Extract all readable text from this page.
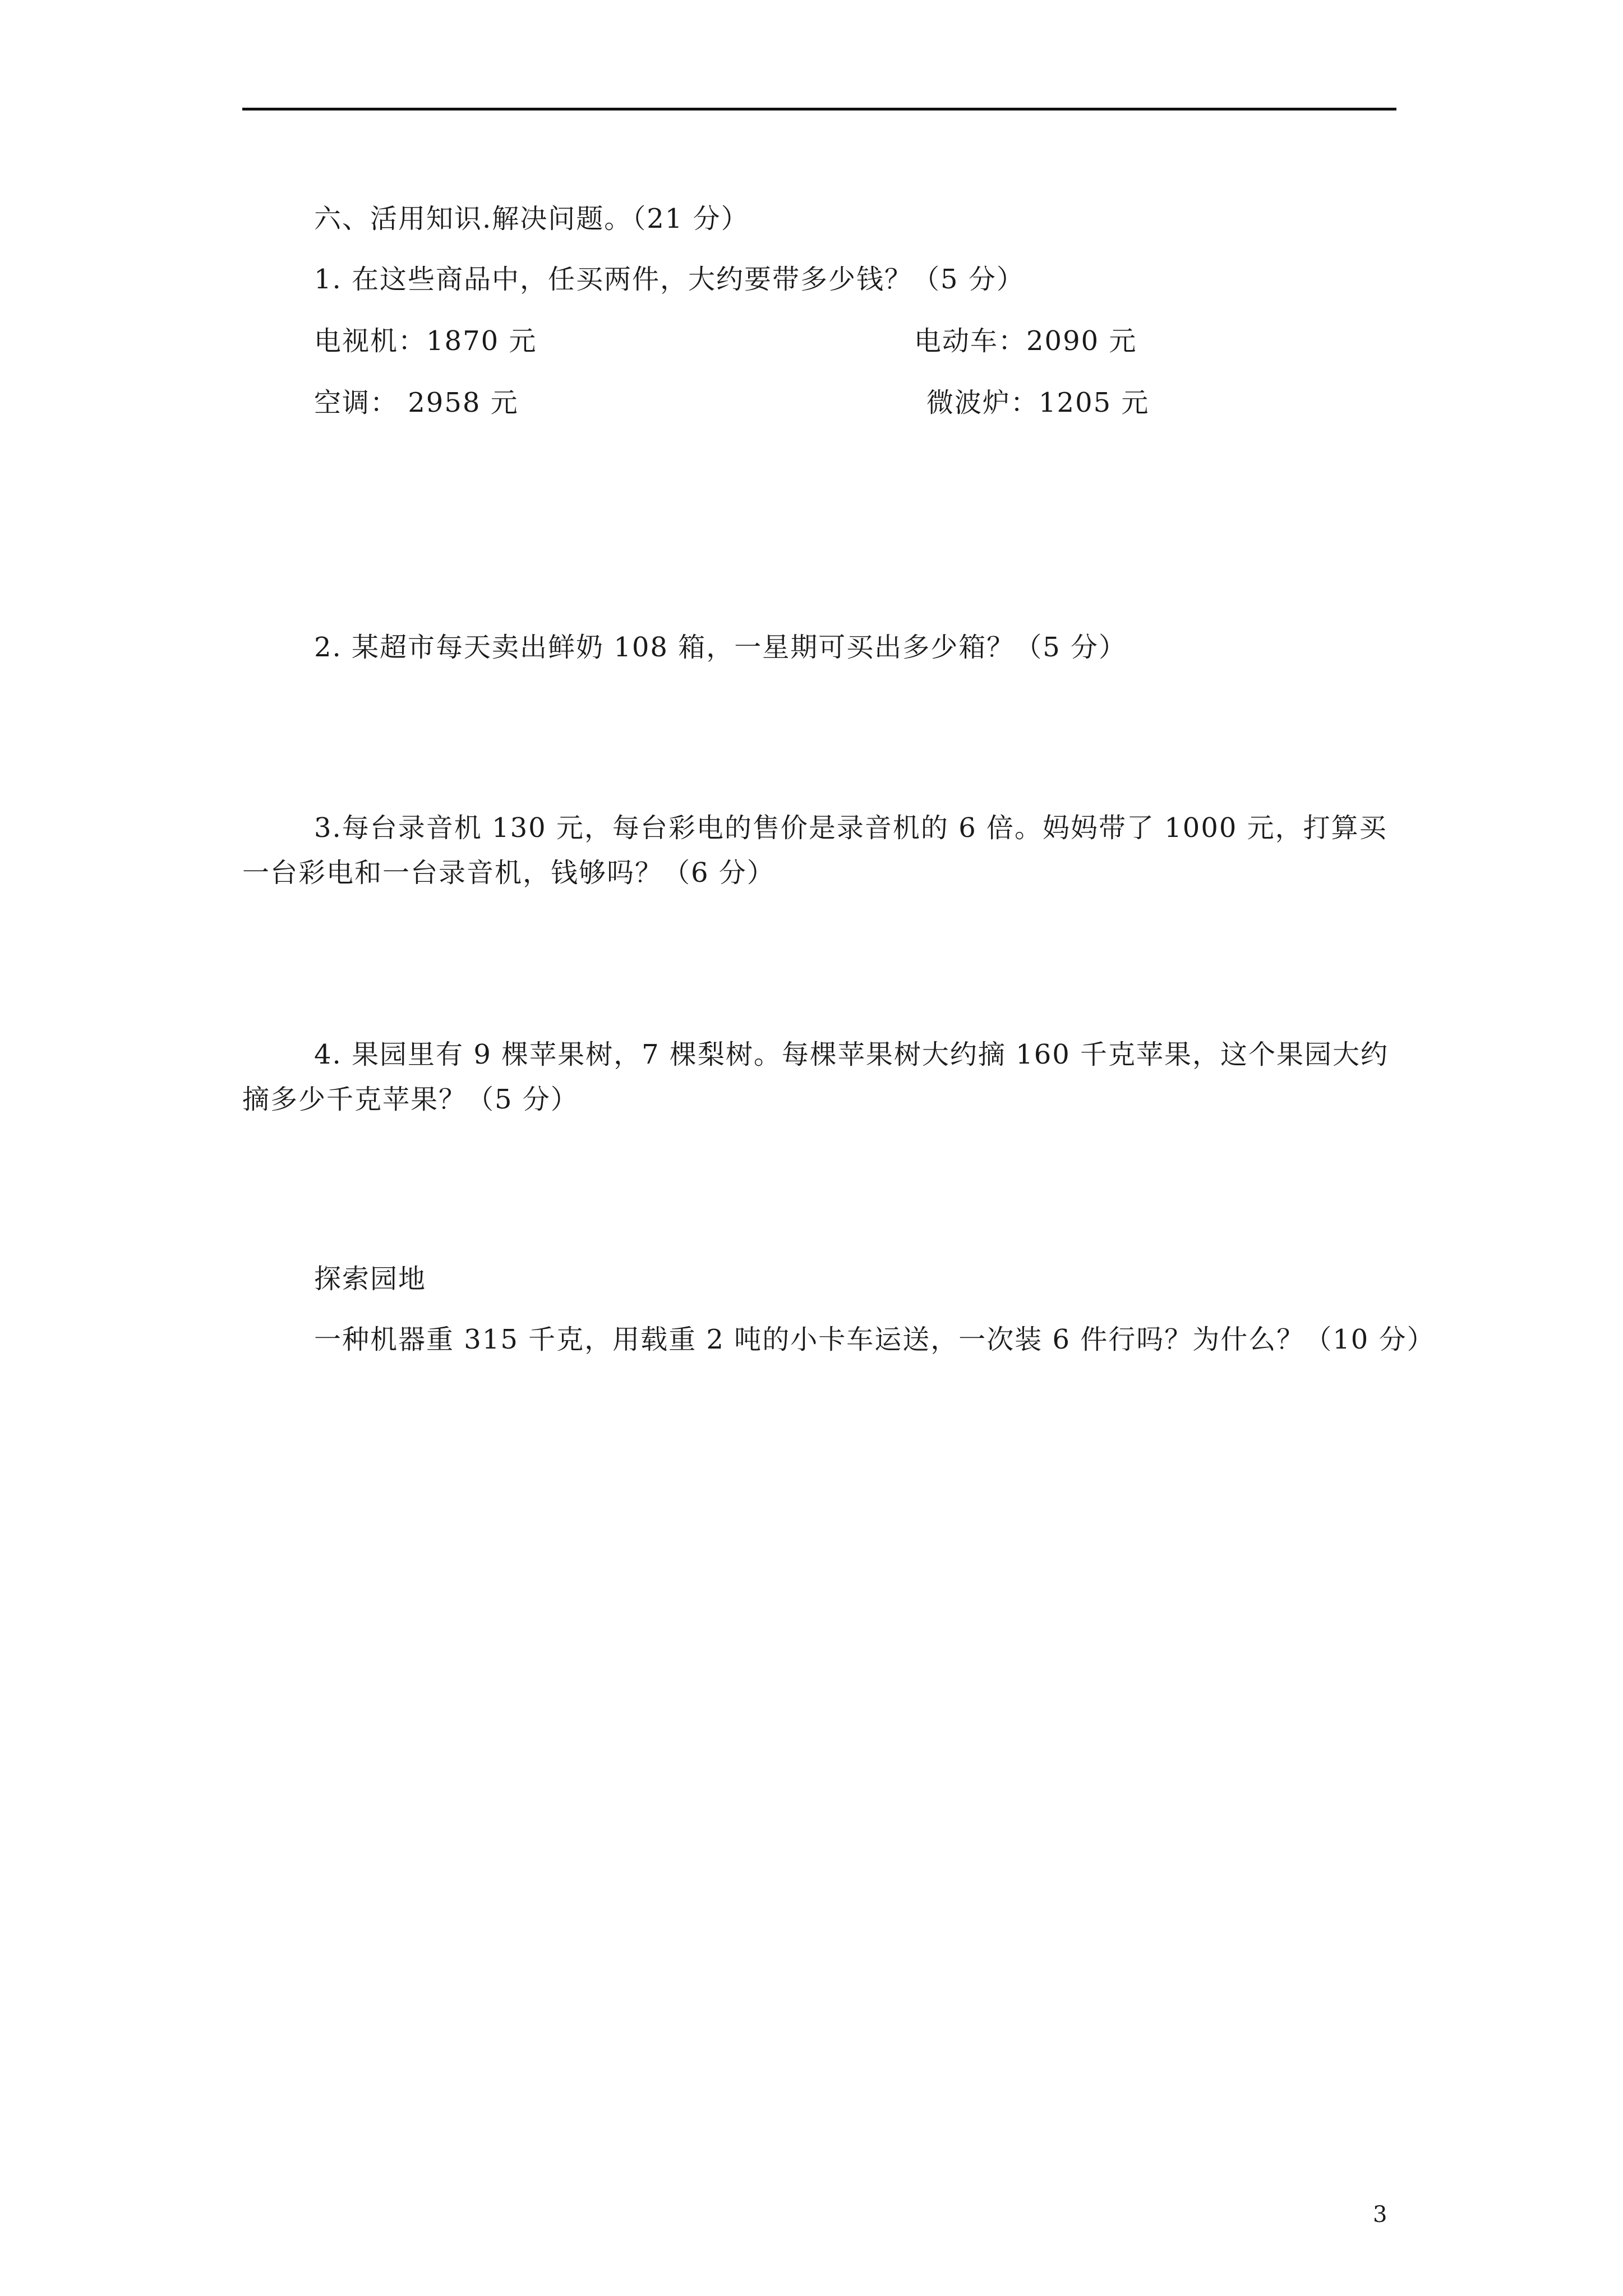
六、活用知识.解决问题。（21 分）
1. 在这些商品中，任买两件，大约要带多少钱？（5 分）
电视机：1870 元	电动车：2090 元
空调： 2958 元	微波炉：1205 元
2. 某超市每天卖出鲜奶 108 箱，一星期可买出多少箱？（5 分）
3.每台录音机 130 元，每台彩电的售价是录音机的 6 倍。妈妈带了 1000 元，打算买一台彩电和一台录音机，钱够吗？（6 分）
4. 果园里有 9 棵苹果树，7 棵梨树。每棵苹果树大约摘 160 千克苹果，这个果园大约摘多少千克苹果？（5 分）
探索园地
一种机器重 315 千克，用载重 2 吨的小卡车运送，一次装 6 件行吗？为什么？（10 分）
3
